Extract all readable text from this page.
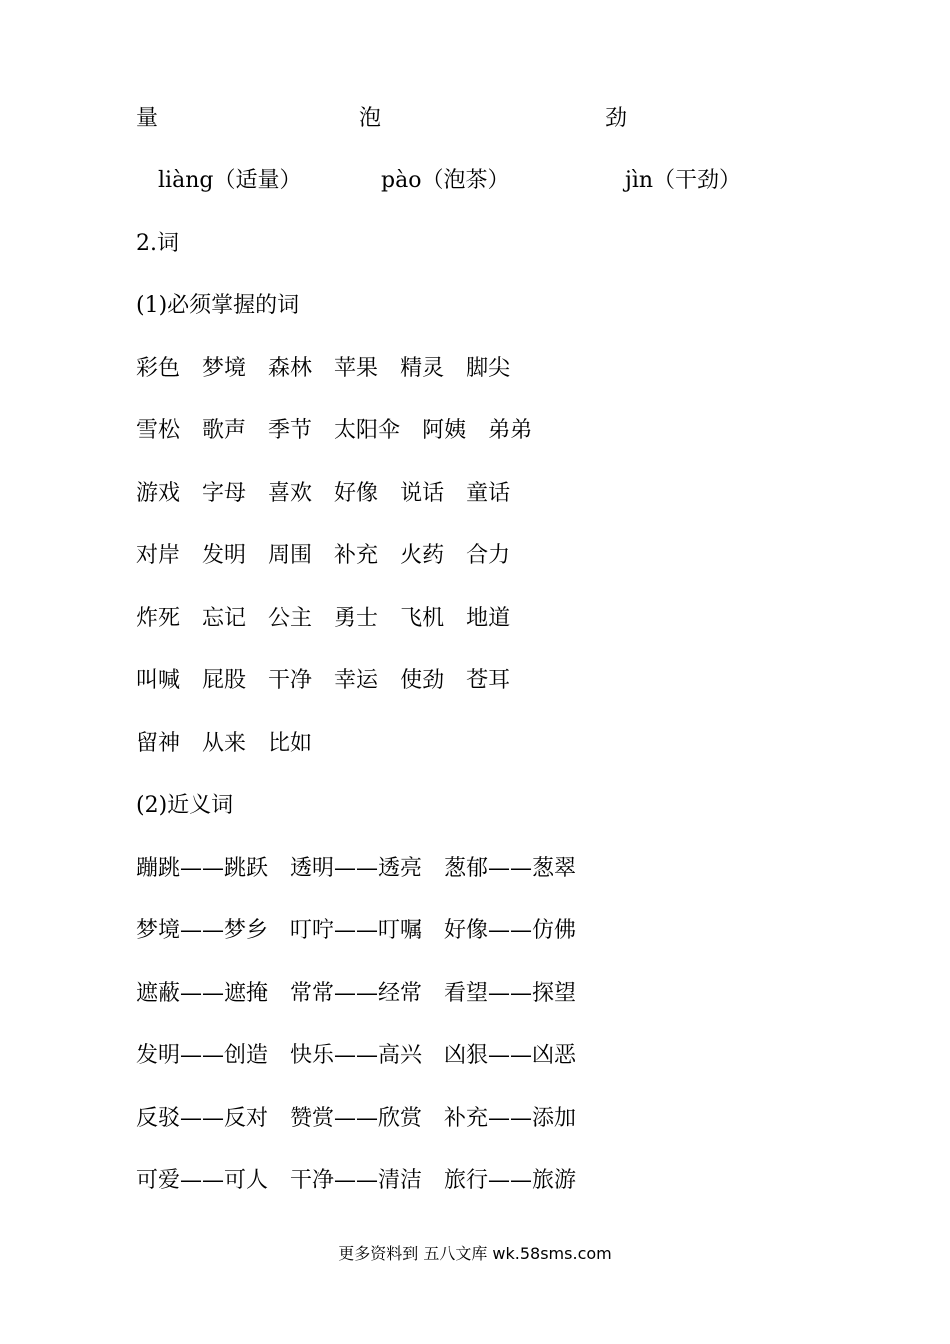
量	泡	劲
liàng（适量）	pào（泡茶）	jìn（干劲）
2.词
(1)必须掌握的词
彩色 梦境 森林 苹果 精灵 脚尖
雪松 歌声 季节 太阳伞 阿姨 弟弟
游戏 字母 喜欢 好像 说话 童话
对岸 发明 周围 补充 火药 合力
炸死 忘记 公主 勇士 飞机 地道
叫喊 屁股 干净 幸运 使劲 苍耳
留神 从来 比如
(2)近义词
蹦跳——跳跃 透明——透亮 葱郁——葱翠
梦境——梦乡 叮咛——叮嘱 好像——仿佛
遮蔽——遮掩 常常——经常 看望——探望
发明——创造 快乐——高兴 凶狠——凶恶
反驳——反对 赞赏——欣赏 补充——添加
可爱——可人 干净——清洁 旅行——旅游
更多资料到 五八文库 wk.58sms.com
